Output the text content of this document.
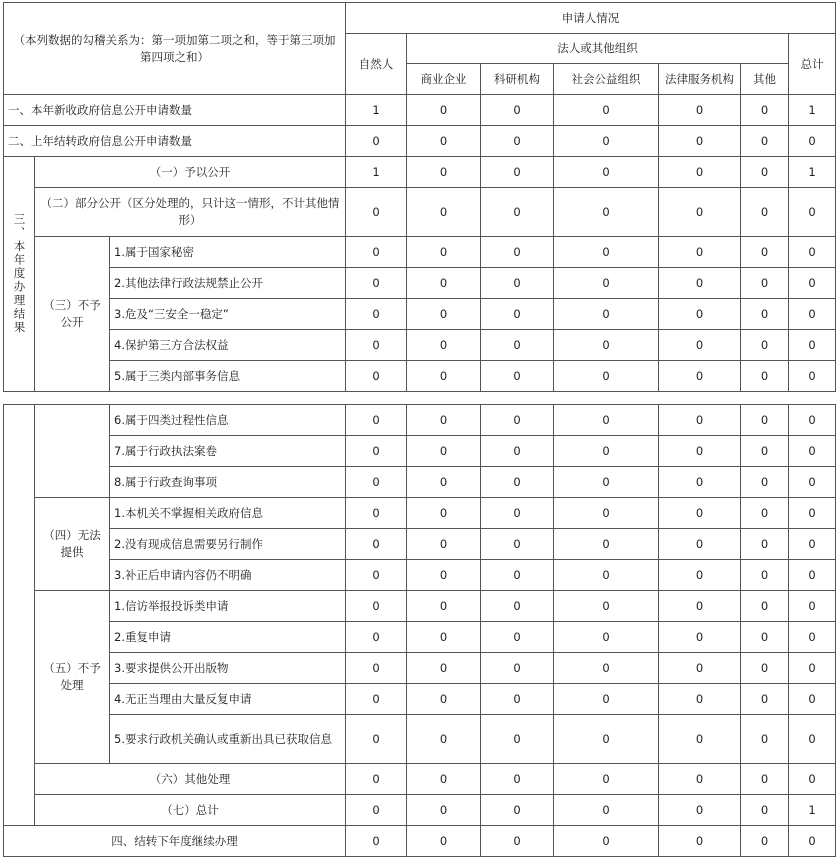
（本列数据的勾稽关系为：第一项加第二项之和，等于第三项加第四项之和）			申请人情况						
			自然人	法人或其他组织					总计
				商业企业	科研机构	社会公益组织	法律服务机构	其他	
一、本年新收政府信息公开申请数量			1	0	0	0	0	0	1
二、上年结转政府信息公开申请数量			0	0	0	0	0	0	0
三、本年度办理结果	（一）予以公开		1	0	0	0	0	0	1
	（二）部分公开（区分处理的，只计这一情形，不计其他情形）		0	0	0	0	0	0	0
	（三）不予公开	1.属于国家秘密	0	0	0	0	0	0	0
		2.其他法律行政法规禁止公开	0	0	0	0	0	0	0
		3.危及“三安全一稳定”	0	0	0	0	0	0	0
		4.保护第三方合法权益	0	0	0	0	0	0	0
		5.属于三类内部事务信息	0	0	0	0	0	0	0
		6.属于四类过程性信息	0	0	0	0	0	0	0
		7.属于行政执法案卷	0	0	0	0	0	0	0
		8.属于行政查询事项	0	0	0	0	0	0	0
	（四）无法提供	1.本机关不掌握相关政府信息	0	0	0	0	0	0	0
		2.没有现成信息需要另行制作	0	0	0	0	0	0	0
		3.补正后申请内容仍不明确	0	0	0	0	0	0	0
	（五）不予处理	1.信访举报投诉类申请	0	0	0	0	0	0	0
		2.重复申请	0	0	0	0	0	0	0
		3.要求提供公开出版物	0	0	0	0	0	0	0
		4.无正当理由大量反复申请	0	0	0	0	0	0	0
		5.要求行政机关确认或重新出具已获取信息	0	0	0	0	0	0	0
	（六）其他处理		0	0	0	0	0	0	0
	（七）总计		0	0	0	0	0	0	1
四、结转下年度继续办理			0	0	0	0	0	0	0
